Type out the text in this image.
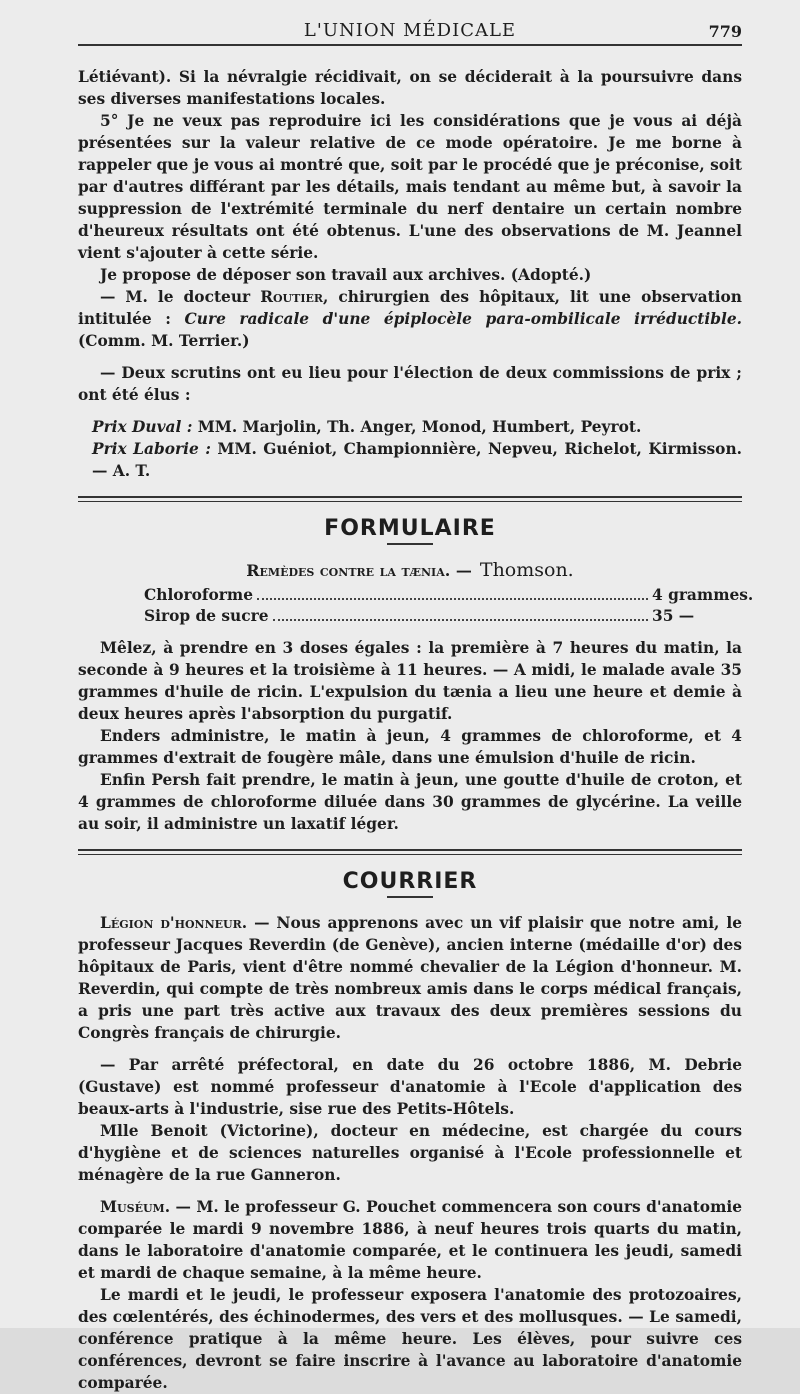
L'UNION MÉDICALE	779

Létiévant). Si la névralgie récidivait, on se déciderait à la poursuivre dans ses diverses manifestations locales.

5° Je ne veux pas reproduire ici les considérations que je vous ai déjà présentées sur la valeur relative de ce mode opératoire. Je me borne à rappeler que je vous ai montré que, soit par le procédé que je préconise, soit par d'autres différant par les détails, mais tendant au même but, à savoir la suppression de l'extrémité terminale du nerf dentaire un certain nombre d'heureux résultats ont été obtenus. L'une des observations de M. Jeannel vient s'ajouter à cette série.

Je propose de déposer son travail aux archives. (Adopté.)

— M. le docteur Routier, chirurgien des hôpitaux, lit une observation intitulée : Cure radicale d'une épiplocèle para-ombilicale irréductible. (Comm. M. Terrier.)

— Deux scrutins ont eu lieu pour l'élection de deux commissions de prix ; ont été élus :

Prix Duval : MM. Marjolin, Th. Anger, Monod, Humbert, Peyrot.

Prix Laborie : MM. Guéniot, Championnière, Nepveu, Richelot, Kirmisson. — A. T.

FORMULAIRE
Remèdes contre la tænia. — Thomson.
Chloroforme	4 grammes.
Sirop de sucre	35 —

Mêlez, à prendre en 3 doses égales : la première à 7 heures du matin, la seconde à 9 heures et la troisième à 11 heures. — A midi, le malade avale 35 grammes d'huile de ricin. L'expulsion du tænia a lieu une heure et demie à deux heures après l'absorption du purgatif.

Enders administre, le matin à jeun, 4 grammes de chloroforme, et 4 grammes d'extrait de fougère mâle, dans une émulsion d'huile de ricin.

Enfin Persh fait prendre, le matin à jeun, une goutte d'huile de croton, et 4 grammes de chloroforme diluée dans 30 grammes de glycérine. La veille au soir, il administre un laxatif léger.

COURRIER

Légion d'honneur. — Nous apprenons avec un vif plaisir que notre ami, le professeur Jacques Reverdin (de Genève), ancien interne (médaille d'or) des hôpitaux de Paris, vient d'être nommé chevalier de la Légion d'honneur. M. Reverdin, qui compte de très nombreux amis dans le corps médical français, a pris une part très active aux travaux des deux premières sessions du Congrès français de chirurgie.

— Par arrêté préfectoral, en date du 26 octobre 1886, M. Debrie (Gustave) est nommé professeur d'anatomie à l'Ecole d'application des beaux-arts à l'industrie, sise rue des Petits-Hôtels.

Mlle Benoit (Victorine), docteur en médecine, est chargée du cours d'hygiène et de sciences naturelles organisé à l'Ecole professionnelle et ménagère de la rue Ganneron.

Muséum. — M. le professeur G. Pouchet commencera son cours d'anatomie comparée le mardi 9 novembre 1886, à neuf heures trois quarts du matin, dans le laboratoire d'anatomie comparée, et le continuera les jeudi, samedi et mardi de chaque semaine, à la même heure.

Le mardi et le jeudi, le professeur exposera l'anatomie des protozoaires, des cœlentérés, des échinodermes, des vers et des mollusques. — Le samedi, conférence pratique à la même heure. Les élèves, pour suivre ces conférences, devront se faire inscrire à l'avance au laboratoire d'anatomie comparée.
